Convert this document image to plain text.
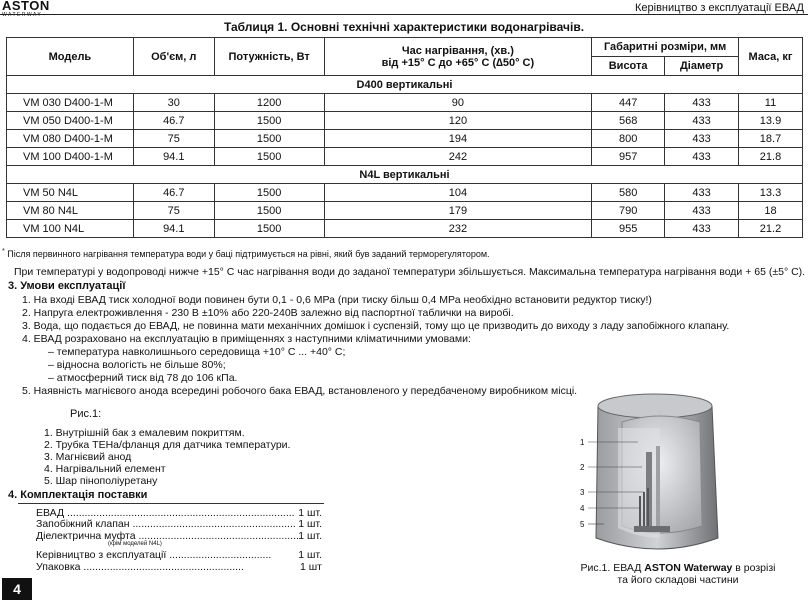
ASTON
WATERWAY
Керівництво з експлуатації ЕВАД
Таблиця 1. Основні технічні характеристики водонагрівачів.
Модель	Об'єм, л	Потужність, Вт	Час нагрівання, (хв.)
від +15° С до +65° С (∆50° С)	Габаритні розміри, мм		Маса, кг
				Висота	Діаметр	
D400 вертикальні						
VM 030 D400-1-M	30	1200	90	447	433	11
VM 050 D400-1-M	46.7	1500	120	568	433	13.9
VM 080 D400-1-M	75	1500	194	800	433	18.7
VM 100 D400-1-M	94.1	1500	242	957	433	21.8
N4L вертикальні						
VM 50 N4L	46.7	1500	104	580	433	13.3
VM 80 N4L	75	1500	179	790	433	18
VM 100 N4L	94.1	1500	232	955	433	21.2
* Після первинного нагрівання температура води у баці підтримується на рівні, який був заданий терморегулятором.
При температурі у водопроводі нижче +15° С час нагрівання води до заданої температури збільшується. Максимальна температура нагрівання води + 65 (±5° С).
3. Умови експлуатації
1. На вході ЕВАД тиск холодної води повинен бути 0,1 - 0,6 МРа (при тиску більш 0,4 МРа необхідно встановити редуктор тиску!)
2. Напруга електроживлення - 230 В ±10% або 220-240В залежно від паспортної таблички на виробі.
3. Вода, що подається до ЕВАД, не повинна мати механічних домішок і суспензій, тому що це призводить до виходу з ладу запобіжного клапану.
4. ЕВАД розраховано на експлуатацію в приміщеннях з наступними кліматичними умовами:
– температура навколишнього середовища +10° С ... +40° С;
– відносна вологість не більше 80%;
– атмосферний тиск від 78 до 106 кПа.
5. Наявність магнієвого анода всередині робочого бака ЕВАД, встановленого у передбаченому виробником місці.
Рис.1:
1. Внутрішній бак з емалевим покриттям.
2. Трубка ТЕНа/фланця для датчика температури.
3. Магнієвий анод
4. Нагрівальний елемент
5. Шар пінополіуретану
4. Комплектація поставки
ЕВАД .............................................................................. 1 шт.
Запобіжний клапан ........................................................ 1 шт.
Діелектрична муфта ....................................................... 1 шт.
(крім моделей N4L)
Керівництво з експлуатації ...................................	1 шт.
Упаковка .......................................................	1 шт
1
2
3
4
5
Рис.1. ЕВАД ASTON Waterway в розрізі
та його складові частини
4
